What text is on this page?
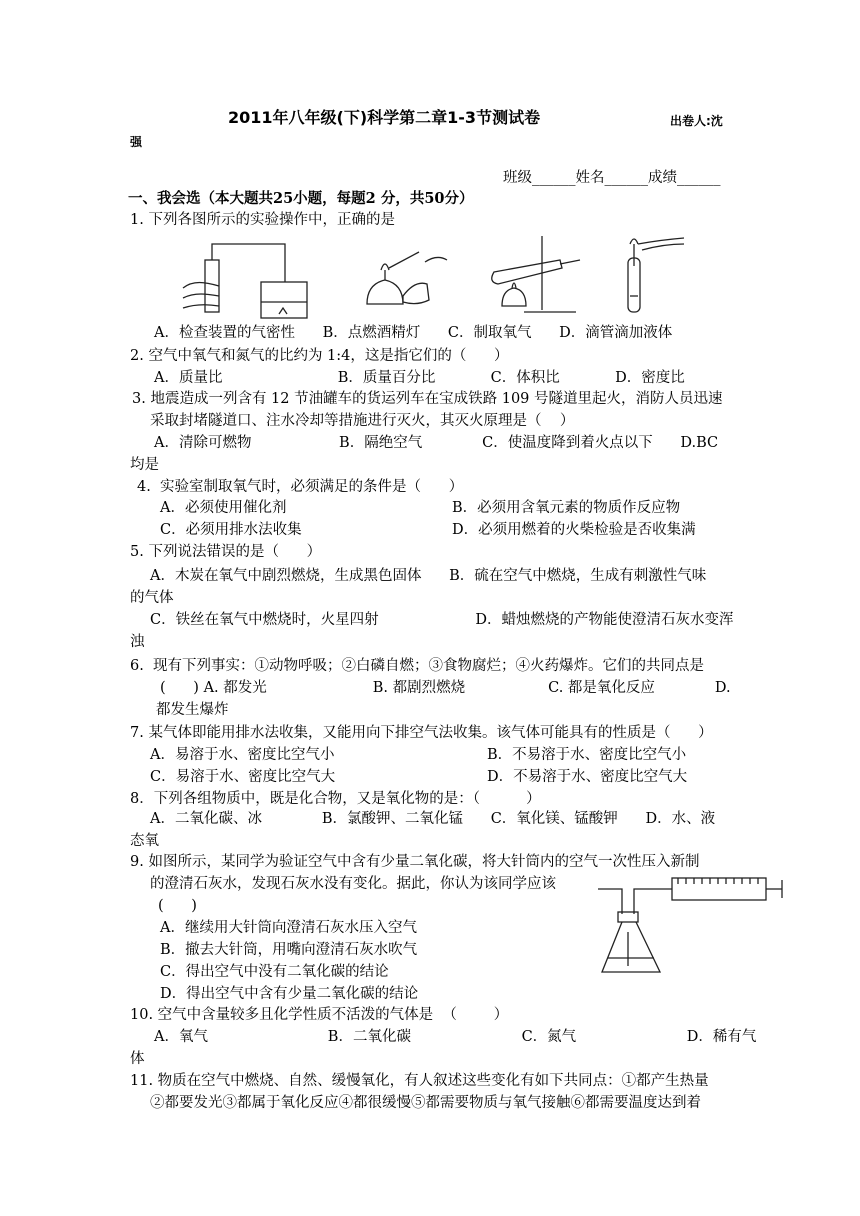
2011年八年级(下)科学第二章1-3节测试卷	出卷人:沈
强
班级______姓名______成绩______
一、我会选（本大题共25小题，每题2 分，共50分）
1. 下列各图所示的实验操作中，正确的是
A．检查装置的气密性      B．点燃酒精灯      C．制取氧气      D．滴管滴加液体
2. 空气中氧气和氮气的比约为 1:4，这是指它们的（      ）
A．质量比                         B．质量百分比            C．体积比            D．密度比
3. 地震造成一列含有 12 节油罐车的货运列车在宝成铁路 109 号隧道里起火，消防人员迅速
采取封堵隧道口、注水冷却等措施进行灭火，其灭火原理是（    ）
A．清除可燃物                   B．隔绝空气             C．使温度降到着火点以下      D.BC
均是
4.  实验室制取氧气时，必须满足的条件是（      ）
A．必须使用催化剂	B．必须用含氧元素的物质作反应物
C．必须用排水法收集	D．必须用燃着的火柴检验是否收集满
5. 下列说法错误的是（      ）
A．木炭在氧气中剧烈燃烧，生成黑色固体      B．硫在空气中燃烧，生成有刺激性气味
的气体
C．铁丝在氧气中燃烧时，火星四射                     D．蜡烛燃烧的产物能使澄清石灰水变浑
浊
6.  现有下列事实：①动物呼吸；②白磷自燃；③食物腐烂；④火药爆炸。它们的共同点是
(      ) A. 都发光                       B. 都剧烈燃烧                  C. 都是氧化反应             D.
都发生爆炸
7. 某气体即能用排水法收集，又能用向下排空气法收集。该气体可能具有的性质是（      ）
A．易溶于水、密度比空气小	B．不易溶于水、密度比空气小
C．易溶于水、密度比空气大	D．不易溶于水、密度比空气大
8．下列各组物质中，既是化合物，又是氧化物的是：（          ）
A．二氧化碳、冰             B．氯酸钾、二氧化锰      C．氧化镁、锰酸钾      D．水、液
态氧
9. 如图所示，某同学为验证空气中含有少量二氧化碳，将大针筒内的空气一次性压入新制
的澄清石灰水，发现石灰水没有变化。据此，你认为该同学应该
(      )
A．继续用大针筒向澄清石灰水压入空气
B．撤去大针筒，用嘴向澄清石灰水吹气
C．得出空气中没有二氧化碳的结论
D．得出空气中含有少量二氧化碳的结论
10. 空气中含量较多且化学性质不活泼的气体是  （        ）
A．氧气                          B．二氧化碳                        C．氮气                        D．稀有气
体
11. 物质在空气中燃烧、自然、缓慢氧化，有人叙述这些变化有如下共同点：①都产生热量
②都要发光③都属于氧化反应④都很缓慢⑤都需要物质与氧气接触⑥都需要温度达到着
